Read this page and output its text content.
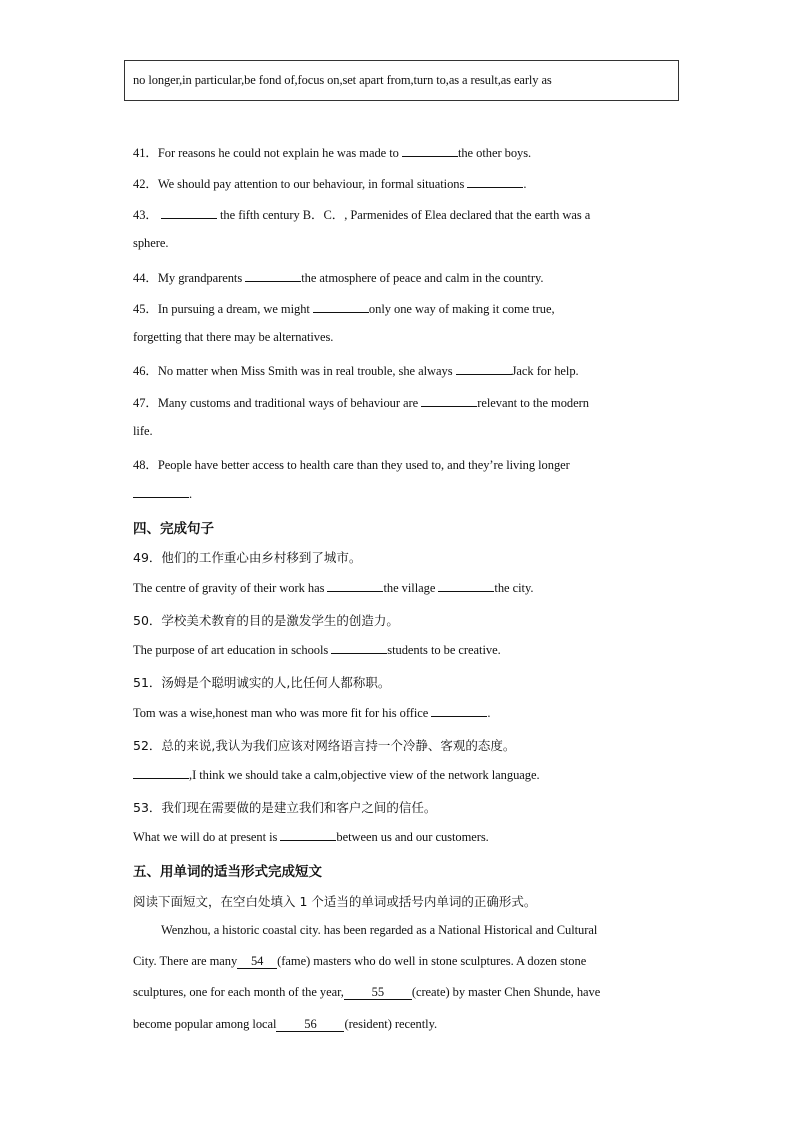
no longer,in particular,be fond of,focus on,set apart from,turn to,as a result,as early as
41．For reasons he could not explain he was made to	the other boys.
42．We should pay attention to our behaviour, in formal situations	.
43．	the fifth century B．C．, Parmenides of Elea declared that the earth was a
sphere.
44．My grandparents	the atmosphere of peace and calm in the country.
45．In pursuing a dream, we might	only one way of making it come true,
forgetting that there may be alternatives.
46．No matter when Miss Smith was in real trouble, she always	Jack for help.
47．Many customs and traditional ways of behaviour are	relevant to the modern
life.
48．People have better access to health care than they used to, and they’re living longer
.
四、完成句子
49．他们的工作重心由乡村移到了城市。
The centre of gravity of their work has	the village	the city.
50．学校美术教育的目的是激发学生的创造力。
The purpose of art education in schools	students to be creative.
51．汤姆是个聪明诚实的人,比任何人都称职。
Tom was a wise,honest man who was more fit for his office	.
52．总的来说,我认为我们应该对网络语言持一个冷静、客观的态度。
,I think we should take a calm,objective view of the network language.
53．我们现在需要做的是建立我们和客户之间的信任。
What we will do at present is	between us and our customers.
五、用单词的适当形式完成短文
阅读下面短文，在空白处填入 1 个适当的单词或括号内单词的正确形式。
Wenzhou, a historic coastal city. has been regarded as a National Historical and Cultural
City. There are many 54 (fame) masters who do well in stone sculptures. A dozen stone
sculptures, one for each month of the year, 55 (create) by master Chen Shunde, have
become popular among local 56 (resident) recently.
